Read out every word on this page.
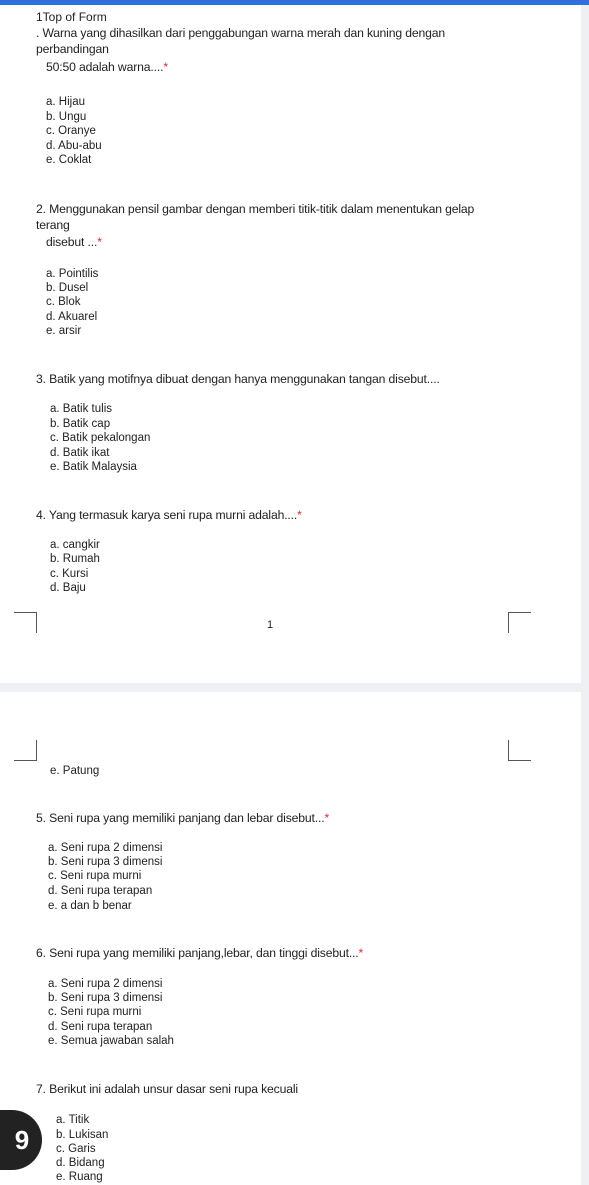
1Top of Form
. Warna yang dihasilkan dari penggabungan warna merah dan kuning dengan
perbandingan
50:50 adalah warna....*
a. Hijau
b. Ungu
c. Oranye
d. Abu-abu
e. Coklat
2. Menggunakan pensil gambar dengan memberi titik-titik dalam menentukan gelap
terang
disebut ...*
a. Pointilis
b. Dusel
c. Blok
d. Akuarel
e. arsir
3. Batik yang motifnya dibuat dengan hanya menggunakan tangan disebut....
a. Batik tulis
b. Batik cap
c. Batik pekalongan
d. Batik ikat
e. Batik Malaysia
4. Yang termasuk karya seni rupa murni adalah....*
a. cangkir
b. Rumah
c. Kursi
d. Baju
1
e. Patung
5. Seni rupa yang memiliki panjang dan lebar disebut...*
a. Seni rupa 2 dimensi
b. Seni rupa 3 dimensi
c. Seni rupa murni
d. Seni rupa terapan
e. a dan b benar
6. Seni rupa yang memiliki panjang,lebar, dan tinggi disebut...*
a. Seni rupa 2 dimensi
b. Seni rupa 3 dimensi
c. Seni rupa murni
d. Seni rupa terapan
e. Semua jawaban salah
7. Berikut ini adalah unsur dasar seni rupa kecuali
a. Titik
b. Lukisan
c. Garis
d. Bidang
e. Ruang
9
